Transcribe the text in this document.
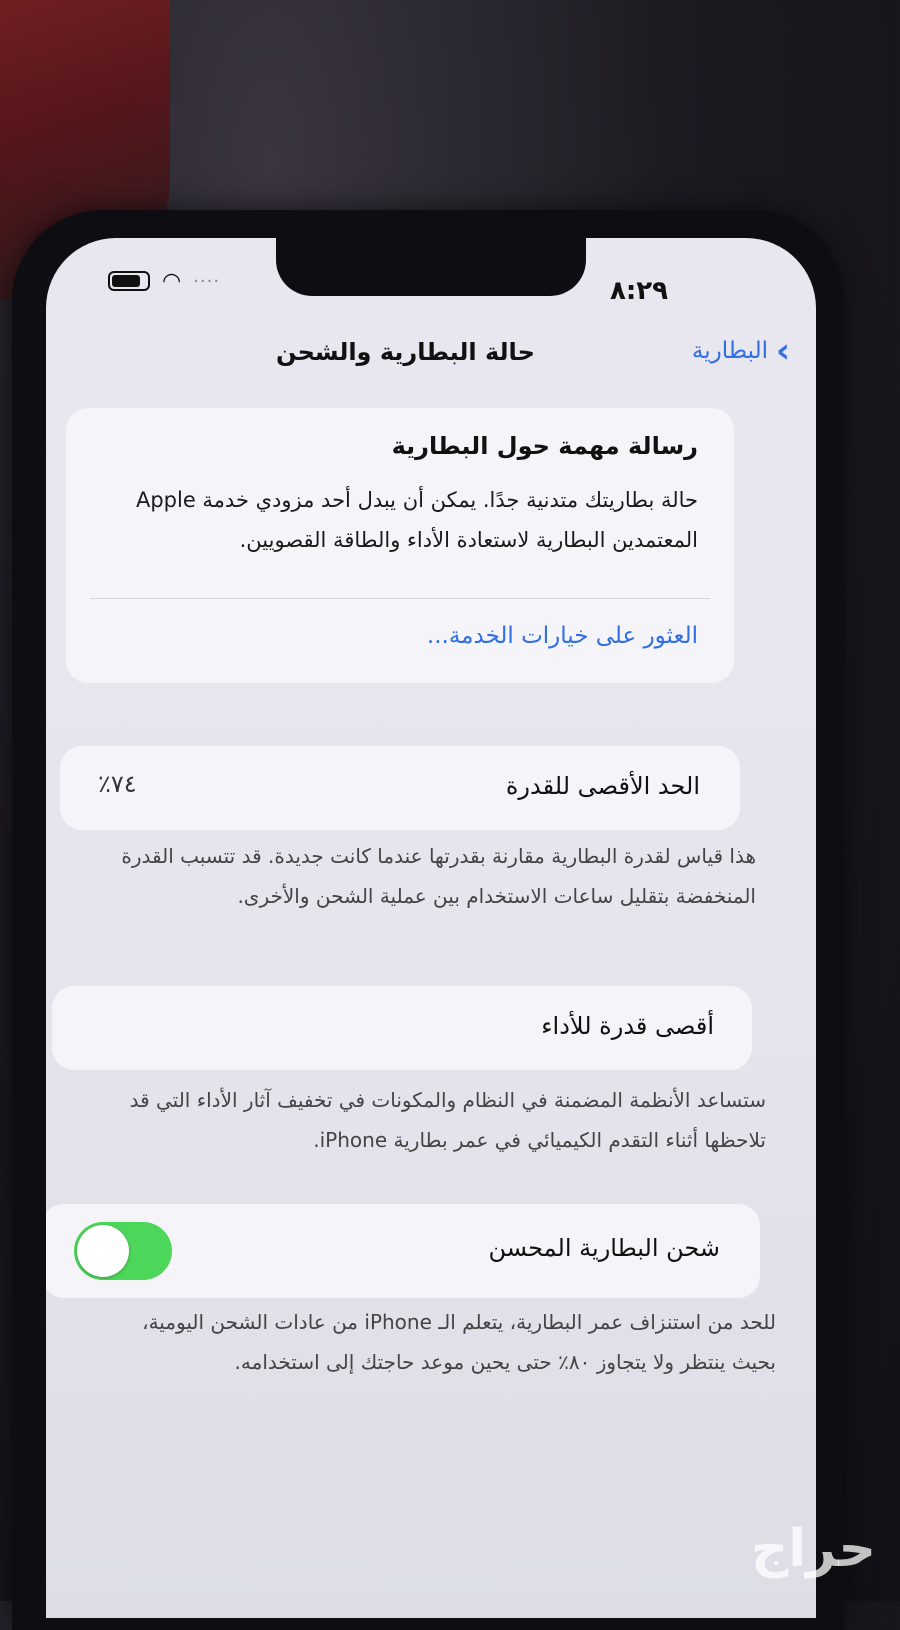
◠ ····	٨:٢٩
›
البطارية
حالة البطارية والشحن
رسالة مهمة حول البطارية
حالة بطاريتك متدنية جدًا. يمكن أن يبدل أحد مزودي خدمة Apple المعتمدين البطارية لاستعادة الأداء والطاقة القصويين.
العثور على خيارات الخدمة...
الحد الأقصى للقدرة
٧٤٪
هذا قياس لقدرة البطارية مقارنة بقدرتها عندما كانت جديدة. قد تتسبب القدرة المنخفضة بتقليل ساعات الاستخدام بين عملية الشحن والأخرى.
أقصى قدرة للأداء
ستساعد الأنظمة المضمنة في النظام والمكونات في تخفيف آثار الأداء التي قد تلاحظها أثناء التقدم الكيميائي في عمر بطارية iPhone.
شحن البطارية المحسن
للحد من استنزاف عمر البطارية، يتعلم الـ iPhone من عادات الشحن اليومية، بحيث ينتظر ولا يتجاوز ٨٠٪ حتى يحين موعد حاجتك إلى استخدامه.
حراج
